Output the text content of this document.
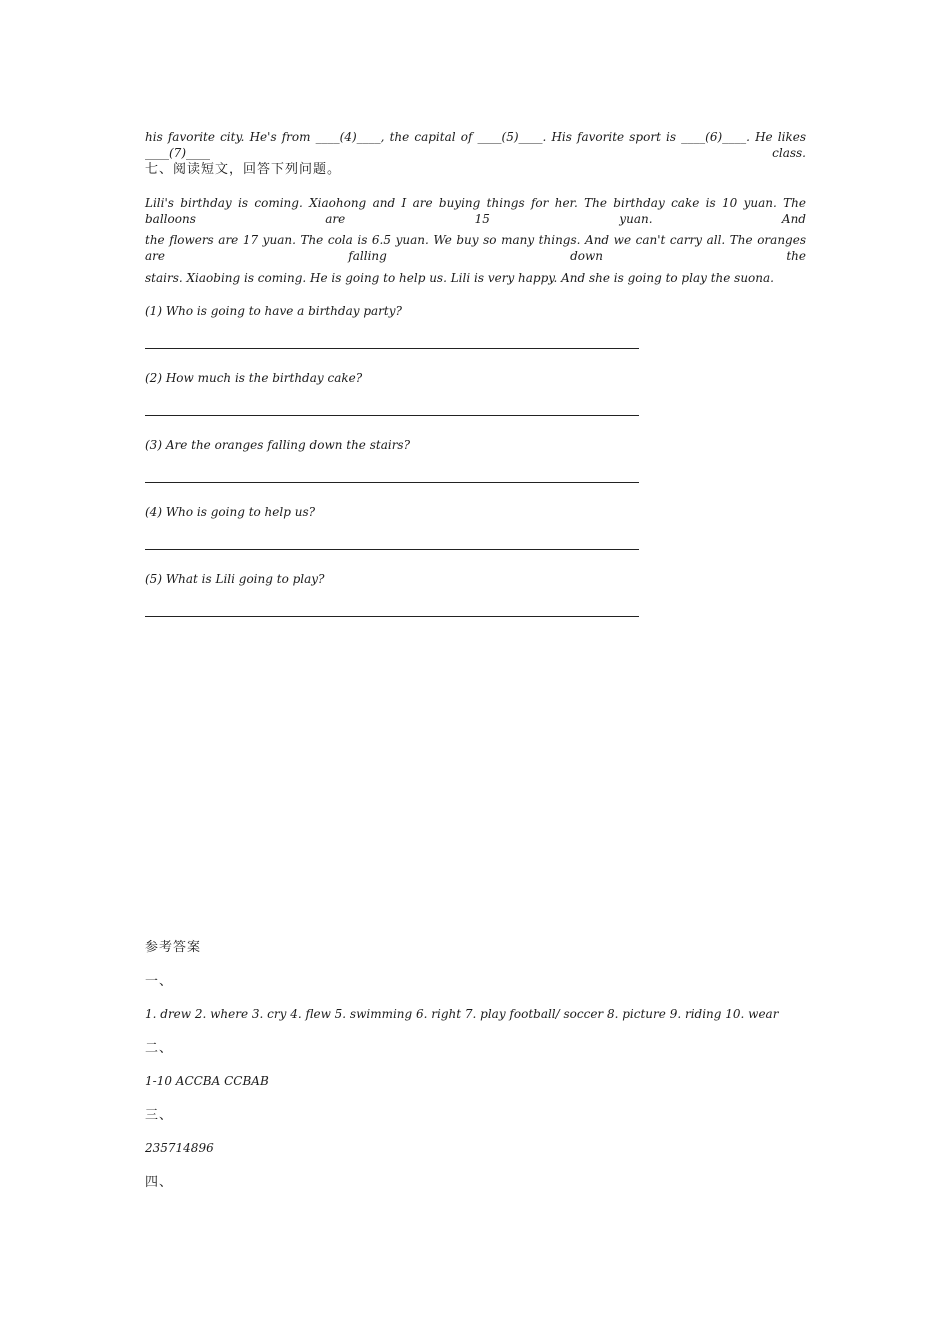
his favorite city. He's from ____(4)____, the capital of ____(5)____. His favorite sport is ____(6)____. He likes ____(7)____ class.
七、阅读短文，回答下列问题。
Lili's birthday is coming. Xiaohong and I are buying things for her. The birthday cake is 10 yuan. The balloons are 15 yuan. And
the flowers are 17 yuan. The cola is 6.5 yuan. We buy so many things. And we can't carry all. The oranges are falling down the
stairs. Xiaobing is coming. He is going to help us. Lili is very happy. And she is going to play the suona.
(1) Who is going to have a birthday party?
(2) How much is the birthday cake?
(3) Are the oranges falling down the stairs?
(4) Who is going to help us?
(5) What is Lili going to play?
参考答案
一、
1. drew 2. where 3. cry 4. flew 5. swimming 6. right 7. play football/ soccer 8. picture 9. riding 10. wear
二、
1-10 ACCBA CCBAB
三、
235714896
四、
